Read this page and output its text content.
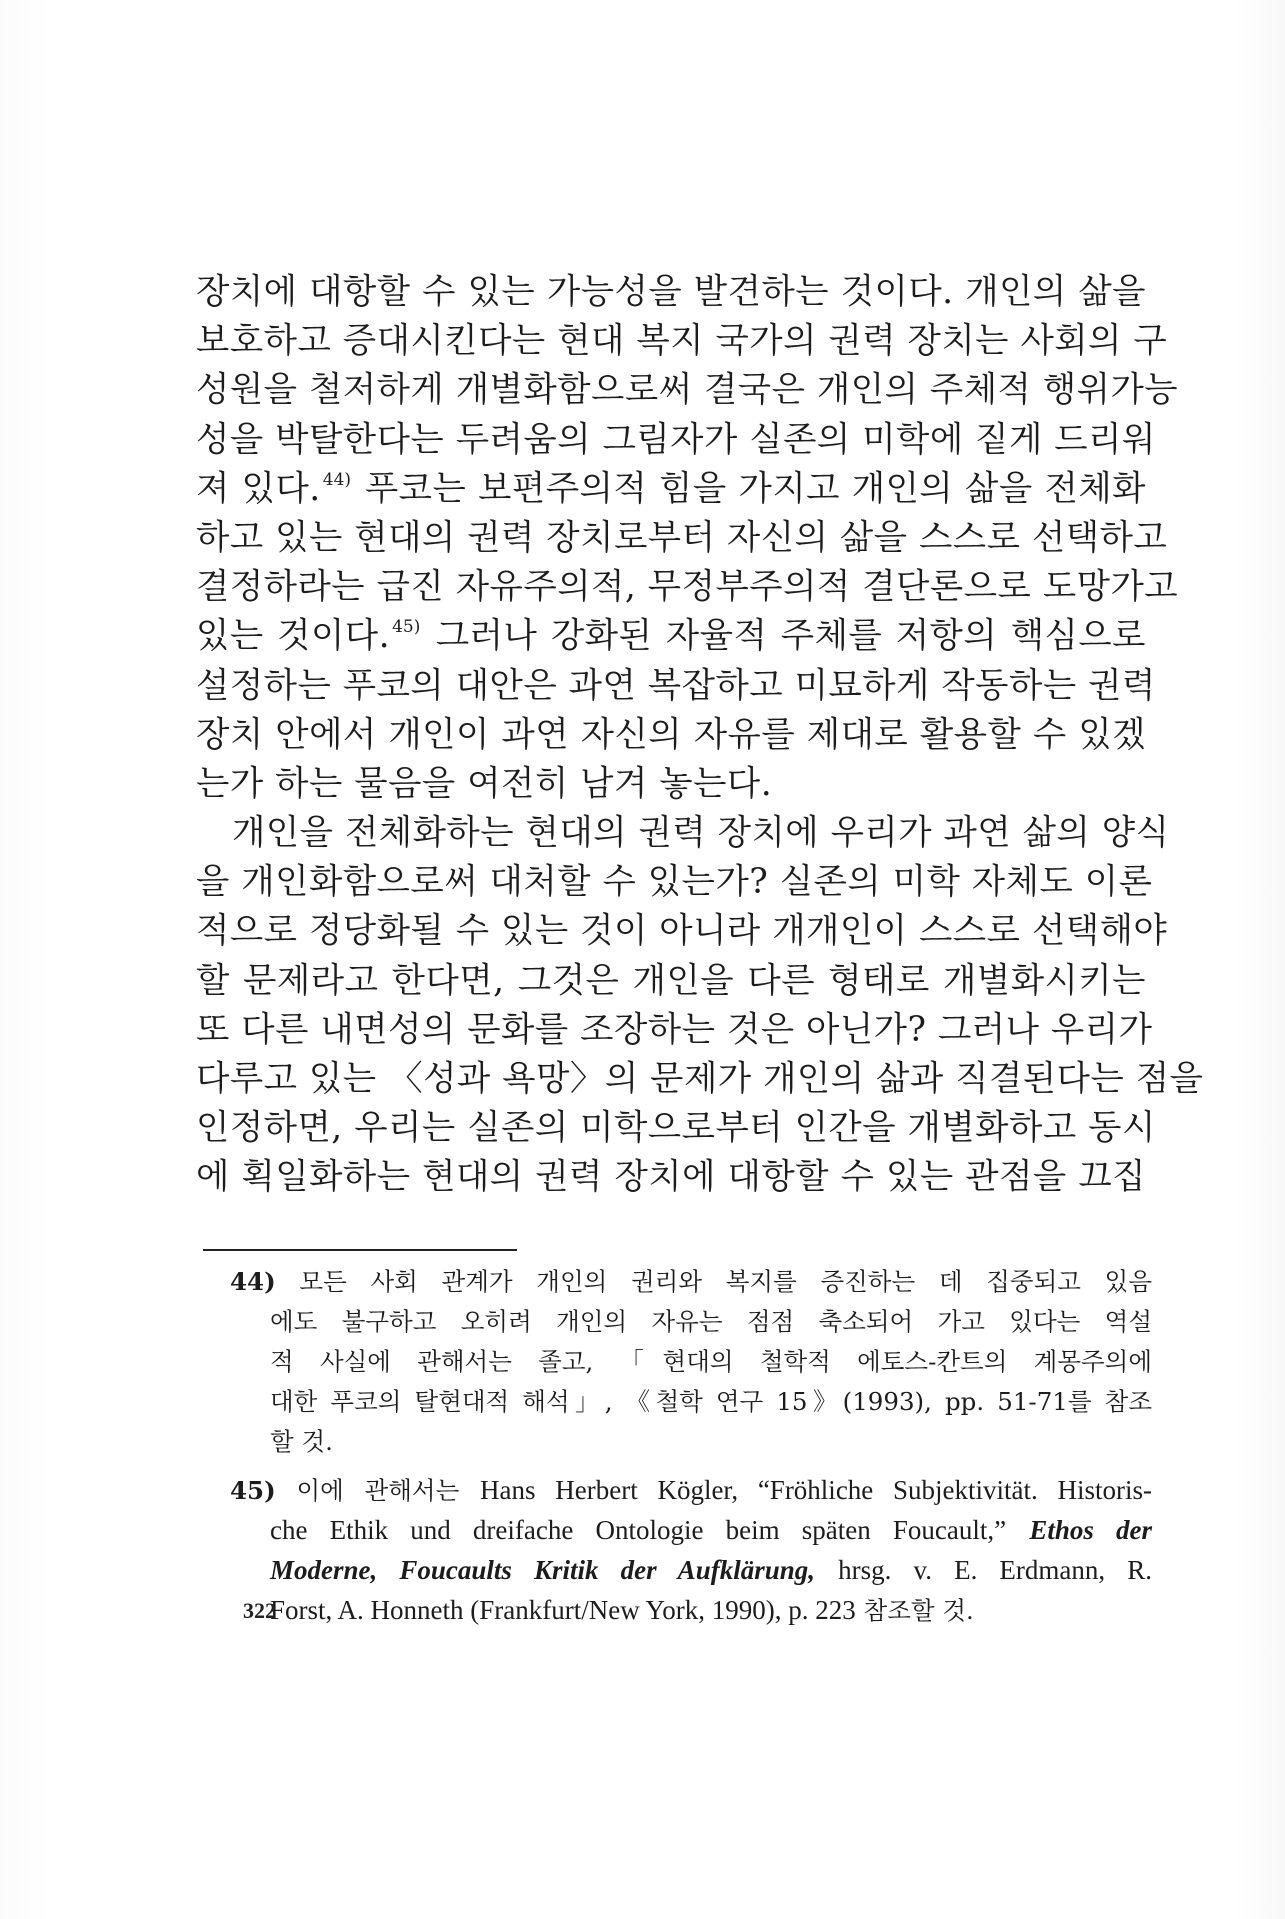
장치에 대항할 수 있는 가능성을 발견하는 것이다. 개인의 삶을
보호하고 증대시킨다는 현대 복지 국가의 권력 장치는 사회의 구
성원을 철저하게 개별화함으로써 결국은 개인의 주체적 행위가능
성을 박탈한다는 두려움의 그림자가 실존의 미학에 짙게 드리워
져 있다. $^{44)}$ 푸코는 보편주의적 힘을 가지고 개인의 삶을 전체화
하고 있는 현대의 권력 장치로부터 자신의 삶을 스스로 선택하고
결정하라는 급진 자유주의적, 무정부주의적 결단론으로 도망가고
있는 것이다. $^{45)}$ 그러나 강화된 자율적 주체를 저항의 핵심으로
설정하는 푸코의 대안은 과연 복잡하고 미묘하게 작동하는 권력
장치 안에서 개인이 과연 자신의 자유를 제대로 활용할 수 있겠
는가 하는 물음을 여전히 남겨 놓는다.
개인을 전체화하는 현대의 권력 장치에 우리가 과연 삶의 양식
을 개인화함으로써 대처할 수 있는가? 실존의 미학 자체도 이론
적으로 정당화될 수 있는 것이 아니라 개개인이 스스로 선택해야
할 문제라고 한다면, 그것은 개인을 다른 형태로 개별화시키는
또 다른 내면성의 문화를 조장하는 것은 아닌가? 그러나 우리가
다루고 있는 〈성과 욕망〉의 문제가 개인의 삶과 직결된다는 점을
인정하면, 우리는 실존의 미학으로부터 인간을 개별화하고 동시
에 획일화하는 현대의 권력 장치에 대항할 수 있는 관점을 끄집
44) 모든 사회 관계가 개인의 권리와 복지를 증진하는 데 집중되고 있음
에도 불구하고 오히려 개인의 자유는 점점 축소되어 가고 있다는 역설
적 사실에 관해서는 졸고, 「현대의 철학적 에토스-칸트의 계몽주의에
대한 푸코의 탈현대적 해석」, 《철학 연구 15》(1993), pp. 51-71를 참조
할 것.
45) 이에 관해서는 Hans Herbert Kögler, “Fröhliche Subjektivität. Historis-
che Ethik und dreifache Ontologie beim späten Foucault,” Ethos der
Moderne, Foucaults Kritik der Aufklärung, hrsg. v. E. Erdmann, R.
Forst, A. Honneth (Frankfurt/New York, 1990), p. 223 참조할 것.
322
